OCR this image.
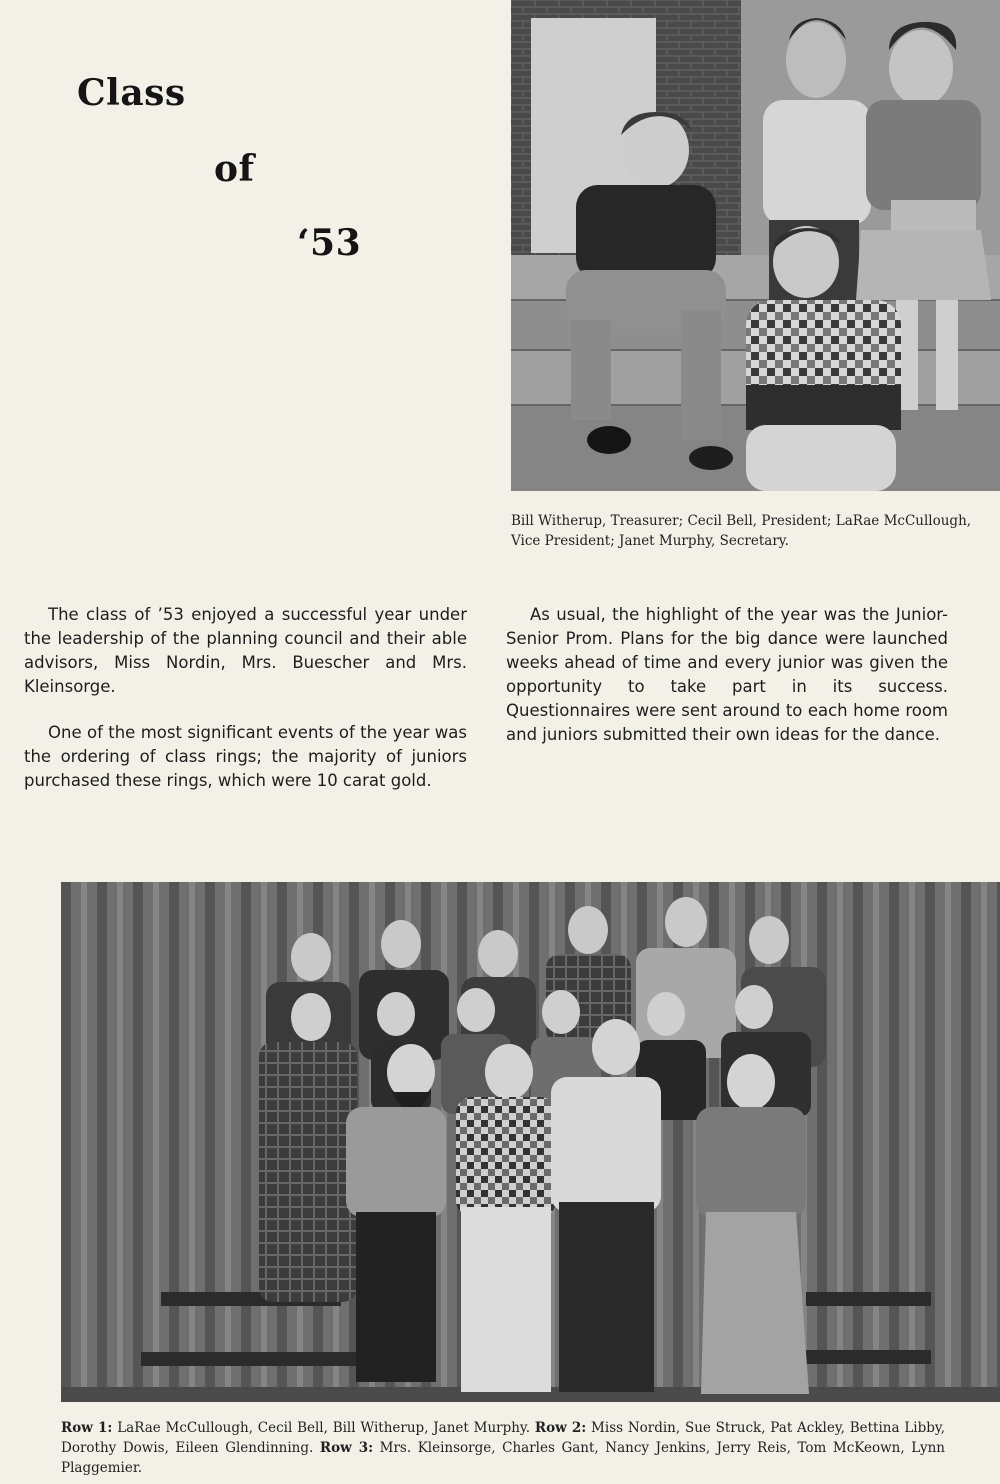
Class
of
‘53
Bill Witherup, Treasurer; Cecil Bell, President; LaRae McCullough, Vice President; Janet Murphy, Secretary.

The class of ’53 enjoyed a successful year under the leadership of the planning council and their able advisors, Miss Nordin, Mrs. Buescher and Mrs. Kleinsorge.

One of the most significant events of the year was the ordering of class rings; the majority of juniors purchased these rings, which were 10 carat gold.

As usual, the highlight of the year was the Junior-Senior Prom. Plans for the big dance were launched weeks ahead of time and every junior was given the opportunity to take part in its success. Questionnaires were sent around to each home room and juniors submitted their own ideas for the dance.

Row 1: LaRae McCullough, Cecil Bell, Bill Witherup, Janet Murphy. Row 2: Miss Nordin, Sue Struck, Pat Ackley, Bettina Libby, Dorothy Dowis, Eileen Glendinning. Row 3: Mrs. Kleinsorge, Charles Gant, Nancy Jenkins, Jerry Reis, Tom McKeown, Lynn Plaggemier.
